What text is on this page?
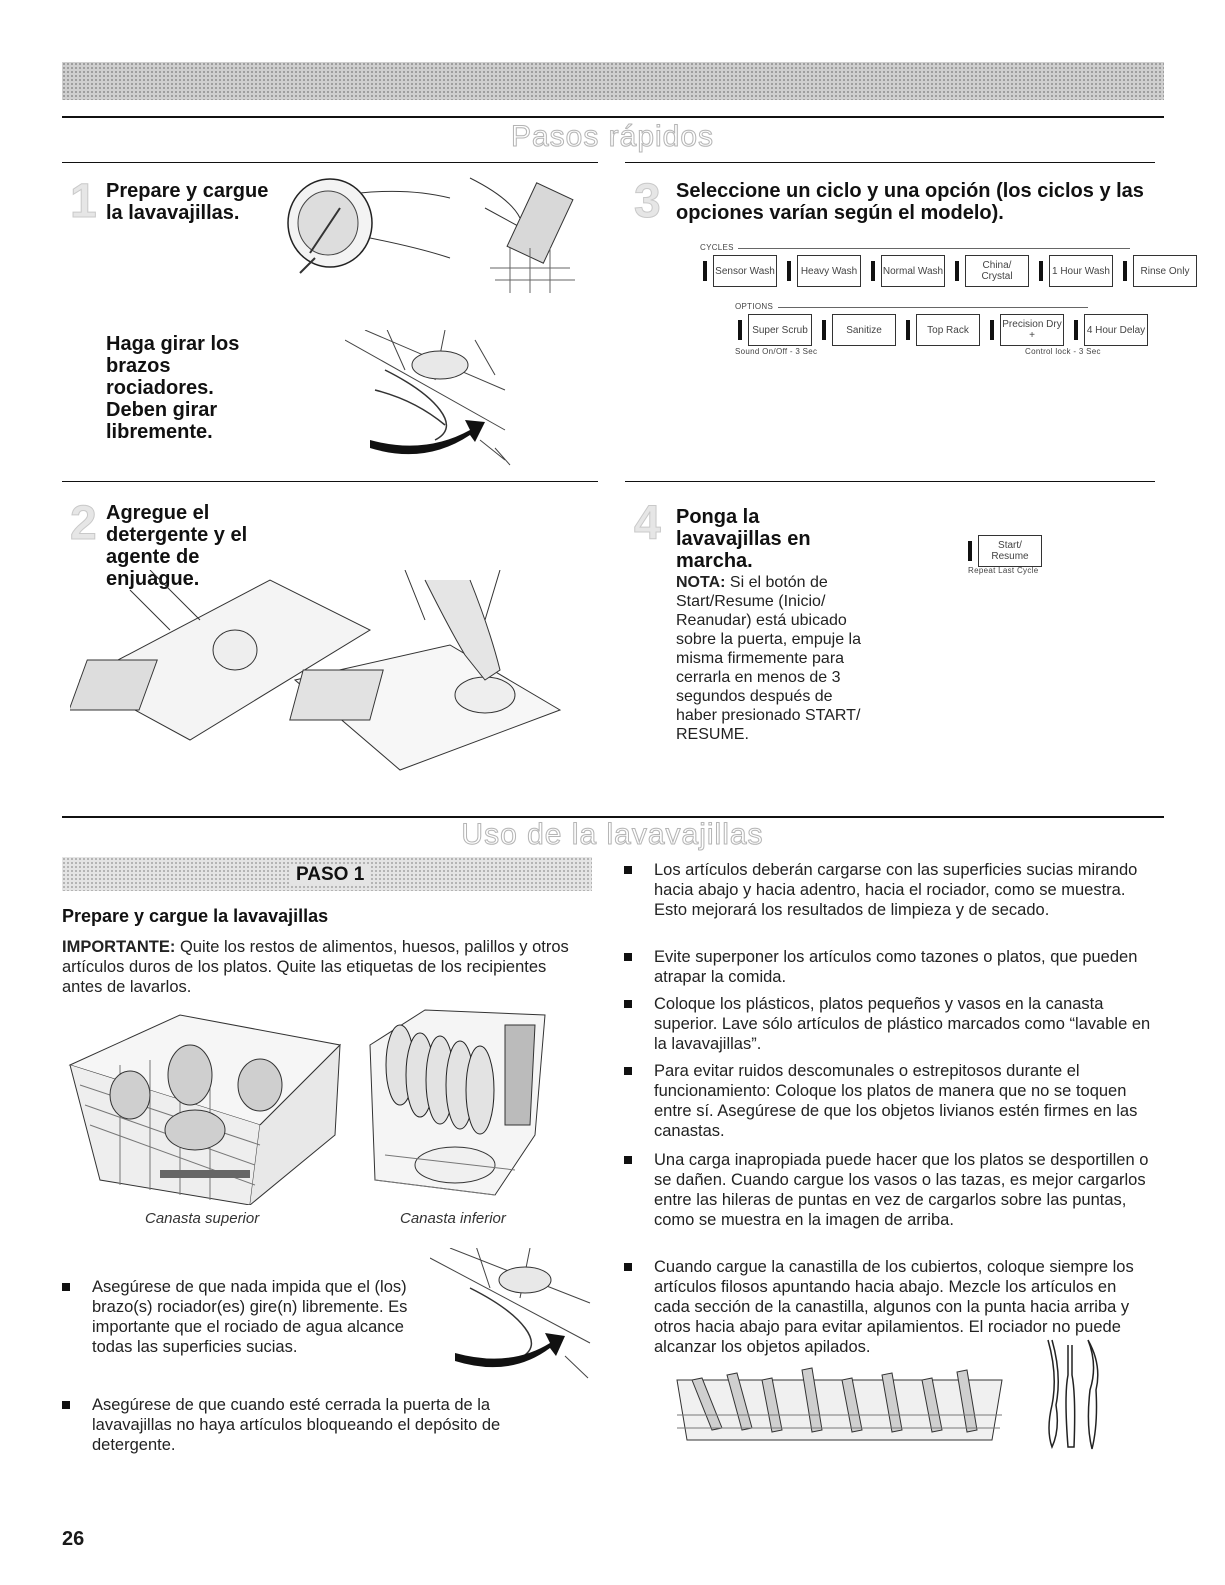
Pasos rápidos
1 Prepare y cargue la lavavajillas.
Haga girar los brazos rociadores. Deben girar libremente.
2 Agregue el detergente y el agente de enjuague.
3 Seleccione un ciclo y una opción (los ciclos y las opciones varían según el modelo).
CYCLES
Sensor Wash	Heavy Wash	Normal Wash	China/ Crystal	1 Hour Wash	Rinse Only
OPTIONS
Super Scrub	Sanitize	Top Rack	Precision Dry +	4 Hour Delay
Sound On/Off - 3 Sec	Control lock - 3 Sec
4 Ponga la lavavajillas en marcha.
NOTA: Si el botón de Start/Resume (Inicio/ Reanudar) está ubicado sobre la puerta, empuje la misma firmemente para cerrarla en menos de 3 segundos después de haber presionado START/ RESUME.
Start/ Resume
Repeat Last Cycle
Uso de la lavavajillas
PASO 1
Prepare y cargue la lavavajillas
IMPORTANTE: Quite los restos de alimentos, huesos, palillos y otros artículos duros de los platos. Quite las etiquetas de los recipientes antes de lavarlos.
Canasta superior	Canasta inferior
Asegúrese de que nada impida que el (los) brazo(s) rociador(es) gire(n) libremente. Es importante que el rociado de agua alcance todas las superficies sucias.
Asegúrese de que cuando esté cerrada la puerta de la lavavajillas no haya artículos bloqueando el depósito de detergente.
Los artículos deberán cargarse con las superficies sucias mirando hacia abajo y hacia adentro, hacia el rociador, como se muestra. Esto mejorará los resultados de limpieza y de secado.
Evite superponer los artículos como tazones o platos, que pueden atrapar la comida.
Coloque los plásticos, platos pequeños y vasos en la canasta superior. Lave sólo artículos de plástico marcados como “lavable en la lavavajillas”.
Para evitar ruidos descomunales o estrepitosos durante el funcionamiento: Coloque los platos de manera que no se toquen entre sí. Asegúrese de que los objetos livianos estén firmes en las canastas.
Una carga inapropiada puede hacer que los platos se desportillen o se dañen. Cuando cargue los vasos o las tazas, es mejor cargarlos entre las hileras de puntas en vez de cargarlos sobre las puntas, como se muestra en la imagen de arriba.
Cuando cargue la canastilla de los cubiertos, coloque siempre los artículos filosos apuntando hacia abajo. Mezcle los artículos en cada sección de la canastilla, algunos con la punta hacia arriba y otros hacia abajo para evitar apilamientos. El rociador no puede alcanzar los objetos apilados.
26
